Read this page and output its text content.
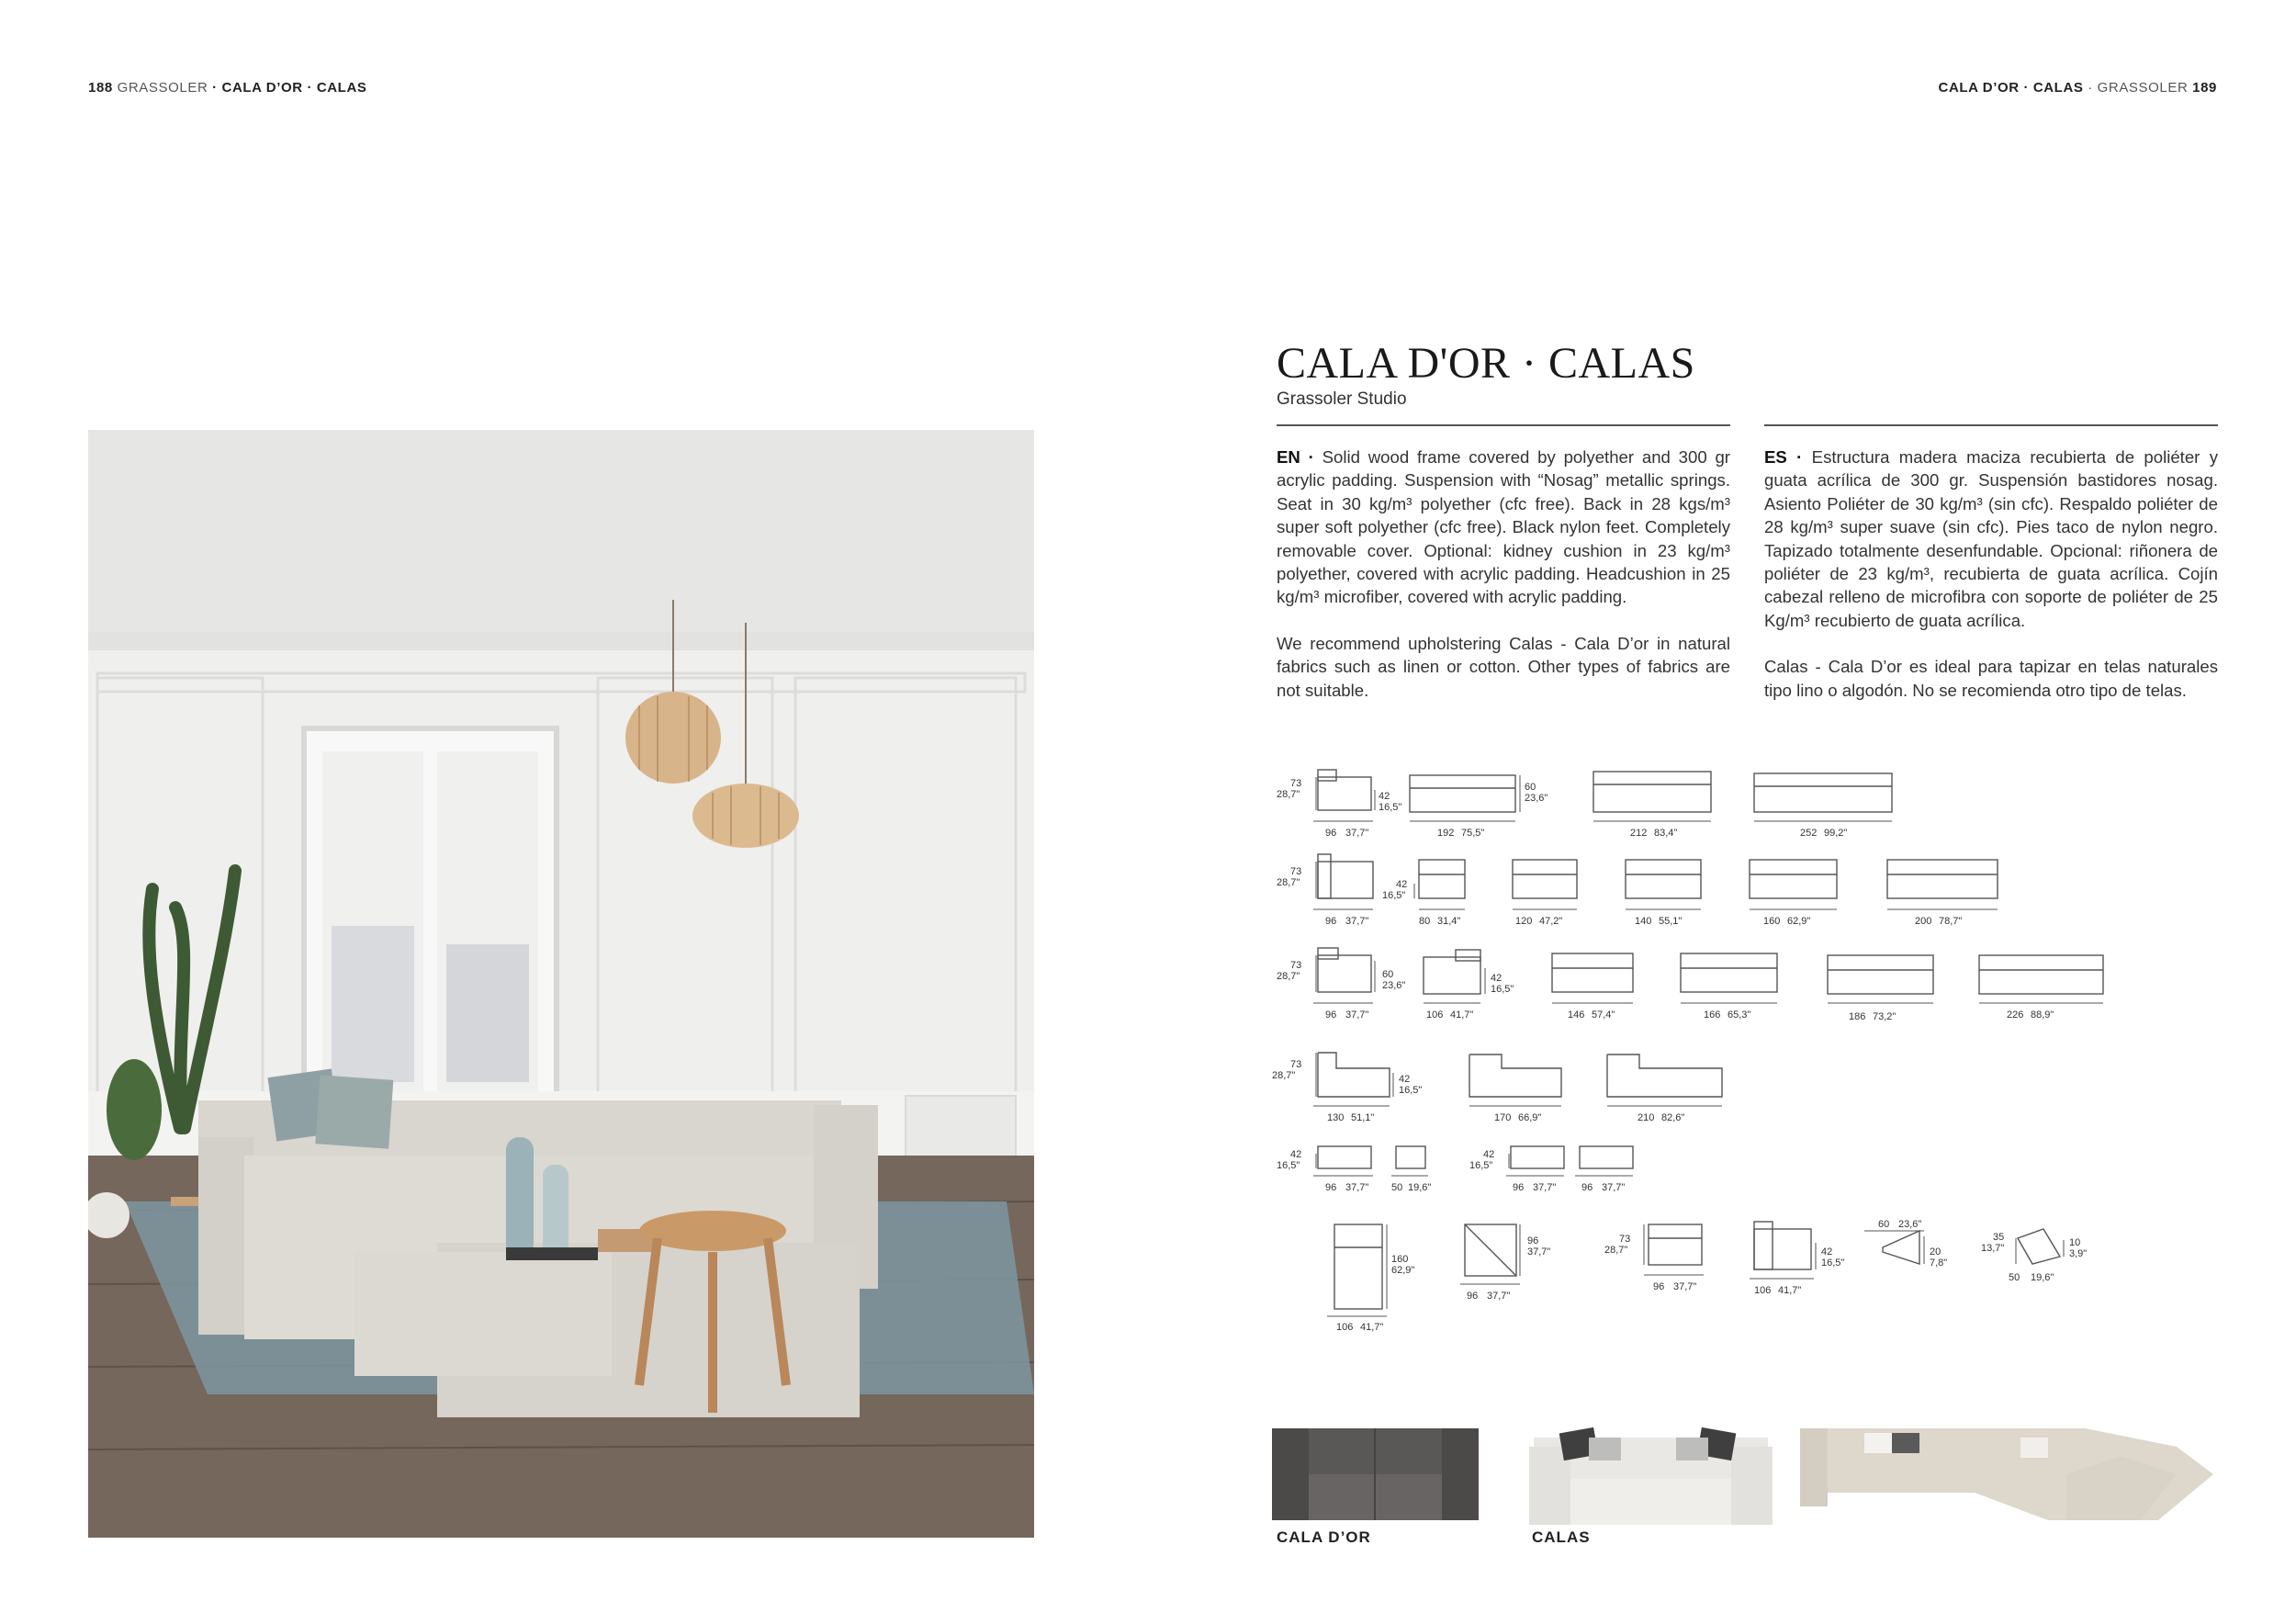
188 GRASSOLER · CALA D’OR · CALAS	CALA D’OR · CALAS · GRASSOLER 189
CALA D'OR · CALAS
Grassoler Studio

EN · Solid wood frame covered by polyether and 300 gr acrylic padding. Suspension with “Nosag” metallic springs. Seat in 30 kg/m³ polyether (cfc free). Back in 28 kgs/m³ super soft polyether (cfc free). Black nylon feet. Completely removable cover. Optional: kidney cushion in 23 kg/m³ polyether, covered with acrylic padding. Headcushion in 25 kg/m³ microfiber, covered with acrylic padding.

We recommend upholstering Calas - Cala D’or in natural fabrics such as linen or cotton. Other types of fabrics are not suitable.

ES · Estructura madera maciza recubierta de poliéter y guata acrílica de 300 gr. Suspensión bastidores nosag. Asiento Poliéter de 30 kg/m³ (sin cfc). Respaldo poliéter de 28 kg/m³ super suave (sin cfc). Pies taco de nylon negro. Tapizado totalmente desenfundable. Opcional: riñonera de poliéter de 23 kg/m³, recubierta de guata acrílica. Cojín cabezal relleno de microfibra con soporte de poliéter de 25 Kg/m³ recubierto de guata acrílica.

Calas - Cala D’or es ideal para tapizar en telas naturales tipo lino o algodón. No se recomienda otro tipo de telas.

73
28,7"	42
16,5"
60
23,6"
96 37,7"	192 75,5"	212 83,4"	252 99,2"
73
28,7"	42
16,5"
96 37,7"	80 31,4"	120 47,2"	140 55,1"	160 62,9"	200 78,7"
73
28,7"	60
23,6"
42
16,5"
96 37,7"	106 41,7"	146 57,4"	166 65,3"	186 73,2"	226 88,9"
73
28,7"	42
16,5"
130 51,1"	170 66,9"	210 82,6"
42
16,5"
42
16,5"
96 37,7" 50 19,6"	96 37,7"	96 37,7"
160
62,9"
106 41,7"
96
37,7"
96 37,7"
73
28,7"
96 37,7"
42
16,5"
106 41,7"
60 23,6"
20
7,8"
35
13,7"	10
3,9"
50 19,6"
CALA D’OR	CALAS
